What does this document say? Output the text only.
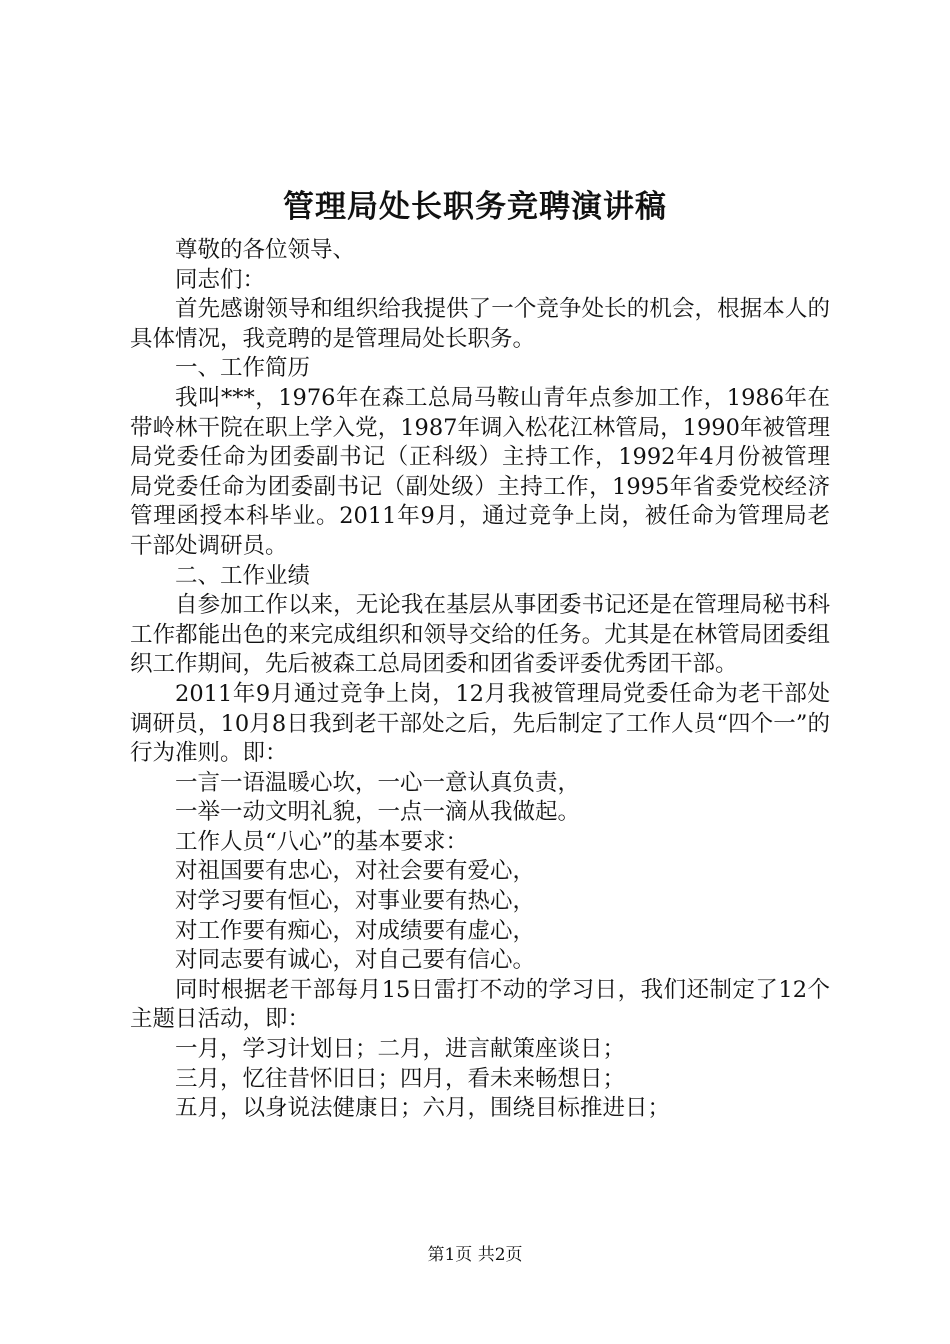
管理局处长职务竞聘演讲稿

尊敬的各位领导、

同志们：

首先感谢领导和组织给我提供了一个竞争处长的机会，根据本人的具体情况，我竞聘的是管理局处长职务。

一、工作简历

我叫***，1976年在森工总局马鞍山青年点参加工作，1986年在带岭林干院在职上学入党，1987年调入松花江林管局，1990年被管理局党委任命为团委副书记（正科级）主持工作，1992年4月份被管理局党委任命为团委副书记（副处级）主持工作，1995年省委党校经济管理函授本科毕业。2011年9月，通过竞争上岗，被任命为管理局老干部处调研员。

二、工作业绩

自参加工作以来，无论我在基层从事团委书记还是在管理局秘书科工作都能出色的来完成组织和领导交给的任务。尤其是在林管局团委组织工作期间，先后被森工总局团委和团省委评委优秀团干部。

2011年9月通过竞争上岗，12月我被管理局党委任命为老干部处调研员，10月8日我到老干部处之后，先后制定了工作人员“四个一”的行为准则。即：

一言一语温暖心坎，一心一意认真负责，

一举一动文明礼貌，一点一滴从我做起。

工作人员“八心”的基本要求：

对祖国要有忠心，对社会要有爱心，

对学习要有恒心，对事业要有热心，

对工作要有痴心，对成绩要有虚心，

对同志要有诚心，对自己要有信心。

同时根据老干部每月15日雷打不动的学习日，我们还制定了12个主题日活动，即：

一月，学习计划日；二月，进言献策座谈日；

三月，忆往昔怀旧日；四月，看未来畅想日；

五月，以身说法健康日；六月，围绕目标推进日；

第1页 共2页
